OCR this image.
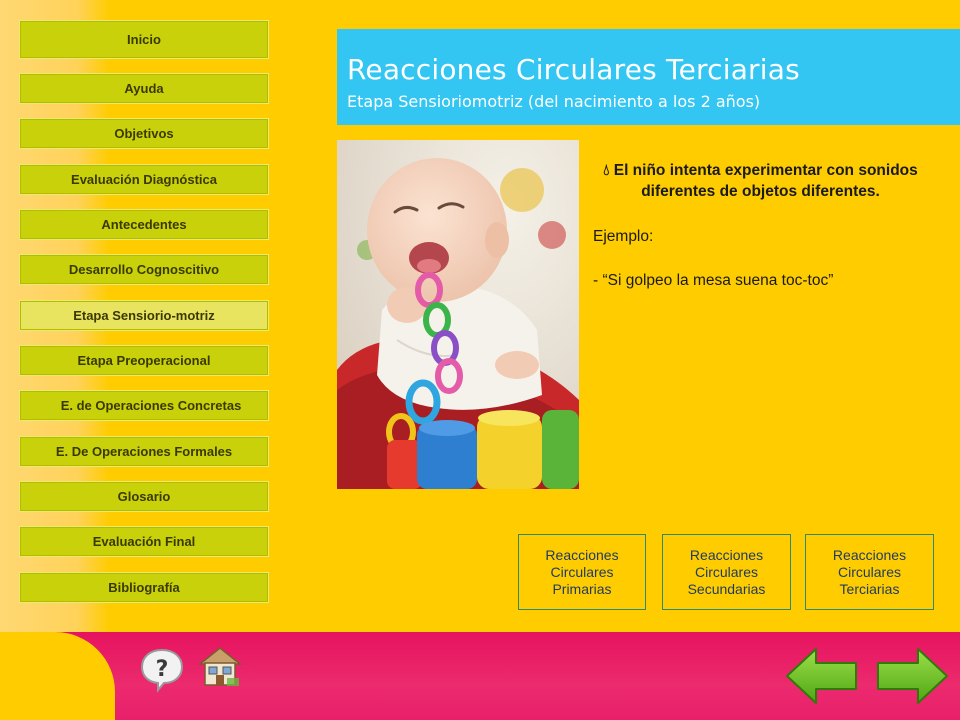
Inicio
Ayuda
Objetivos
Evaluación Diagnóstica
Antecedentes
Desarrollo Cognoscitivo
Etapa Sensiorio-motriz
Etapa Preoperacional
E. de Operaciones Concretas
E. De Operaciones Formales
Glosario
Evaluación Final
Bibliografía
Reacciones Circulares Terciarias
Etapa Sensioriomotriz (del nacimiento a los 2 años)
💧︎ El niño intenta experimentar con sonidos diferentes de objetos diferentes.
Ejemplo:
- “Si golpeo la mesa suena toc-toc”
Reacciones Circulares Primarias
Reacciones Circulares Secundarias
Reacciones Circulares Terciarias
?
